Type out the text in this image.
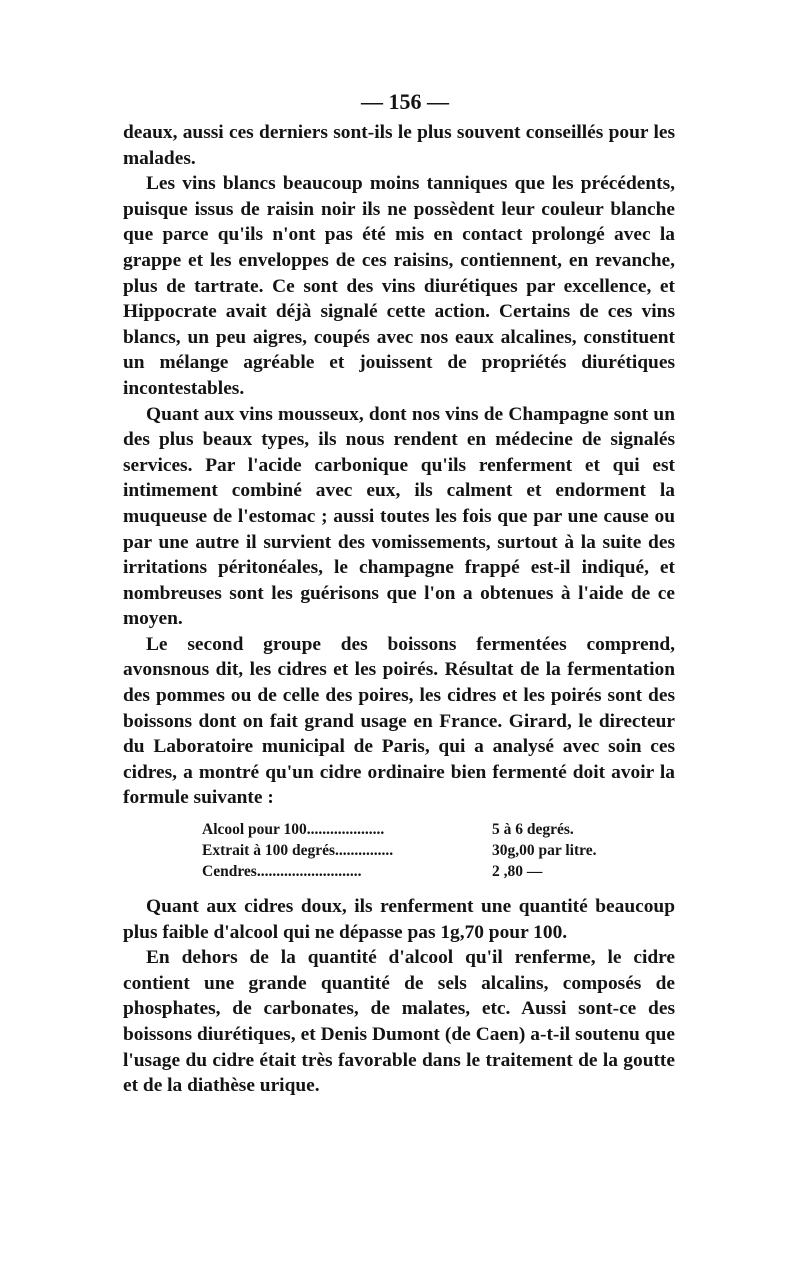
— 156 —

deaux, aussi ces derniers sont-ils le plus souvent conseillés pour les malades.

Les vins blancs beaucoup moins tanniques que les précédents, puisque issus de raisin noir ils ne possèdent leur couleur blanche que parce qu'ils n'ont pas été mis en contact prolongé avec la grappe et les enveloppes de ces raisins, contiennent, en revanche, plus de tartrate. Ce sont des vins diurétiques par excellence, et Hippocrate avait déjà signalé cette action. Certains de ces vins blancs, un peu aigres, coupés avec nos eaux alcalines, constituent un mélange agréable et jouissent de propriétés diurétiques incontestables.

Quant aux vins mousseux, dont nos vins de Champagne sont un des plus beaux types, ils nous rendent en médecine de signalés services. Par l'acide carbonique qu'ils renferment et qui est intimement combiné avec eux, ils calment et endorment la muqueuse de l'estomac ; aussi toutes les fois que par une cause ou par une autre il survient des vomissements, surtout à la suite des irritations péritonéales, le champagne frappé est-il indiqué, et nombreuses sont les guérisons que l'on a obtenues à l'aide de ce moyen.

Le second groupe des boissons fermentées comprend, avonsnous dit, les cidres et les poirés. Résultat de la fermentation des pommes ou de celle des poires, les cidres et les poirés sont des boissons dont on fait grand usage en France. Girard, le directeur du Laboratoire municipal de Paris, qui a analysé avec soin ces cidres, a montré qu'un cidre ordinaire bien fermenté doit avoir la formule suivante :

Alcool pour 100....................	5 à 6 degrés.
Extrait à 100 degrés...............	30g,00 par litre.
Cendres...........................	2 ,80 —

Quant aux cidres doux, ils renferment une quantité beaucoup plus faible d'alcool qui ne dépasse pas 1g,70 pour 100.

En dehors de la quantité d'alcool qu'il renferme, le cidre contient une grande quantité de sels alcalins, composés de phosphates, de carbonates, de malates, etc. Aussi sont-ce des boissons diurétiques, et Denis Dumont (de Caen) a-t-il soutenu que l'usage du cidre était très favorable dans le traitement de la goutte et de la diathèse urique.
